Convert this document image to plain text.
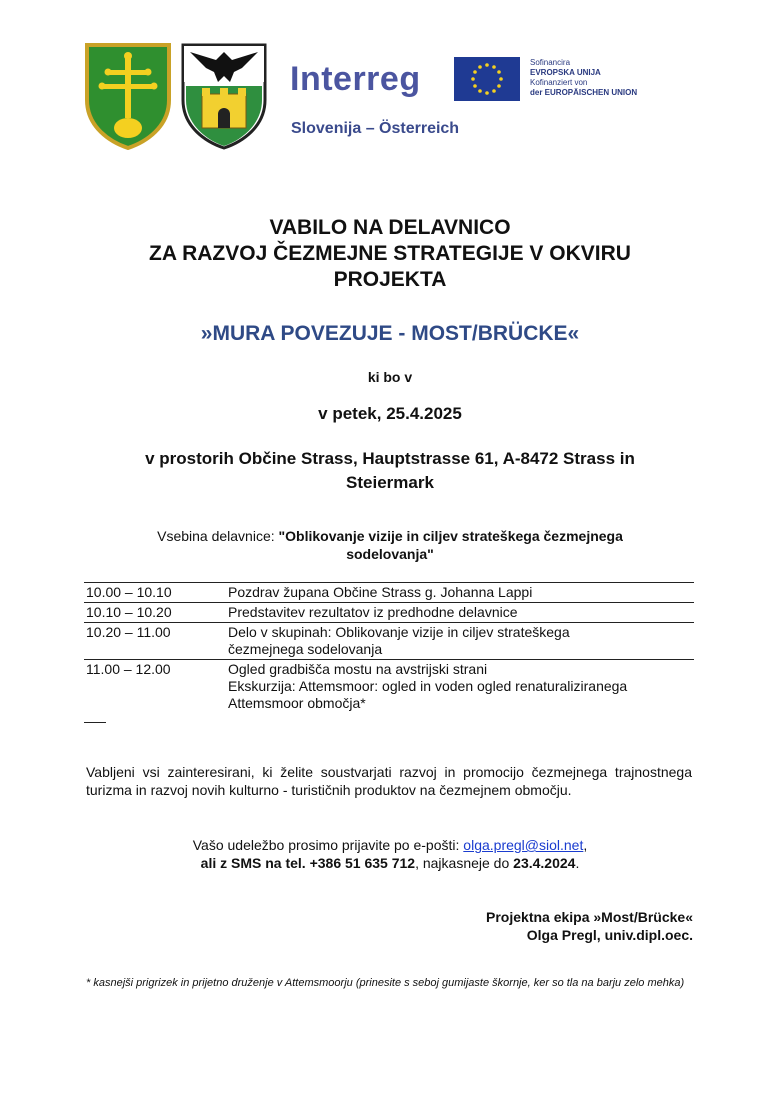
Interreg
Slovenija – Österreich
Sofinancira
EVROPSKA UNIJA
Kofinanziert von
der EUROPÄISCHEN UNION
VABILO NA DELAVNICO
ZA RAZVOJ ČEZMEJNE STRATEGIJE V OKVIRU
PROJEKTA
»MURA POVEZUJE - MOST/BRÜCKE«
ki bo v
v petek, 25.4.2025
v prostorih Občine Strass, Hauptstrasse 61, A-8472 Strass in
Steiermark
Vsebina delavnice: "Oblikovanje vizije in ciljev strateškega čezmejnega
sodelovanja"
10.00 – 10.10	Pozdrav župana Občine Strass g. Johanna Lappi

10.10 – 10.20	Predstavitev rezultatov iz predhodne delavnice

10.20 – 11.00	Delo v skupinah: Oblikovanje vizije in ciljev strateškega
čezmejnega sodelovanja

11.00 – 12.00	Ogled gradbišča mostu na avstrijski strani
Ekskurzija: Attemsmoor: ogled in voden ogled renaturaliziranega
Attemsmoor območja*
Vabljeni vsi zainteresirani, ki želite soustvarjati razvoj in promocijo čezmejnega trajnostnega turizma in razvoj novih kulturno - turističnih produktov na čezmejnem območju.
Vašo udeležbo prosimo prijavite po e-pošti: olga.pregl@siol.net,
ali z SMS na tel. +386 51 635 712, najkasneje do 23.4.2024.
Projektna ekipa »Most/Brücke«
Olga Pregl, univ.dipl.oec.
* kasnejši prigrizek in prijetno druženje v Attemsmoorju (prinesite s seboj gumijaste škornje, ker so tla na barju zelo mehka)
